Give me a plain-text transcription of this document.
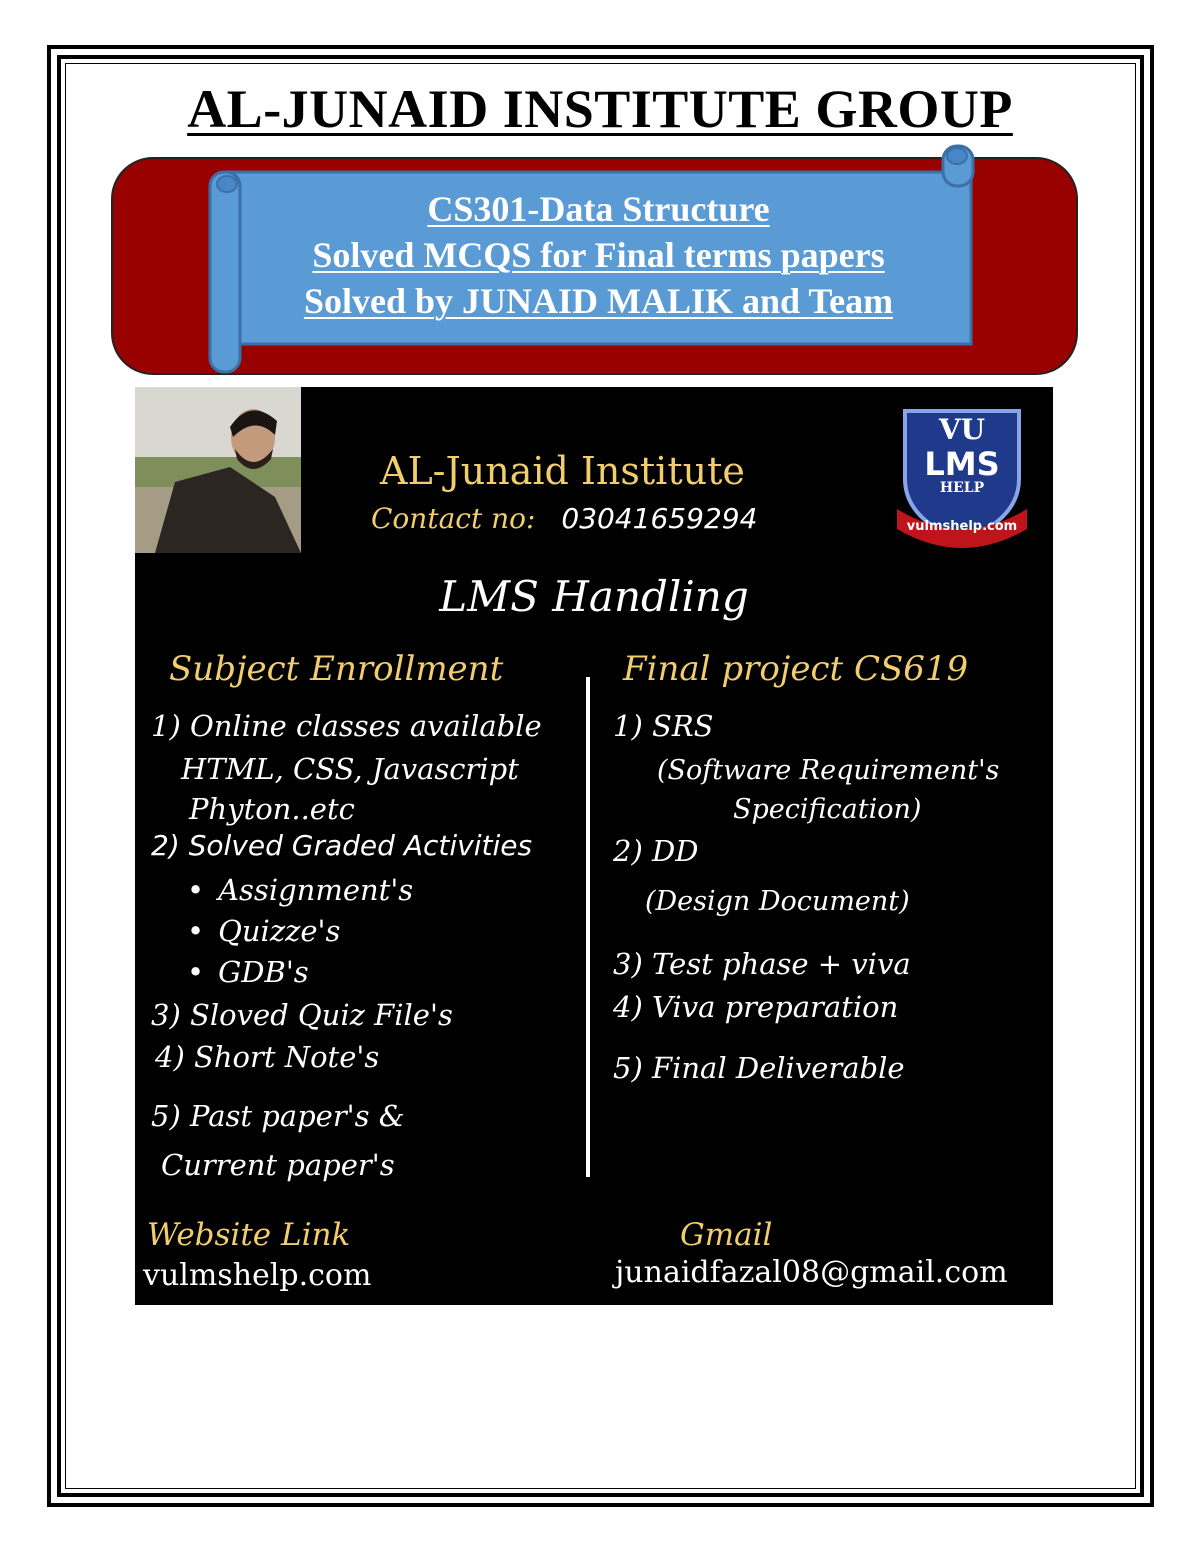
AL-JUNAID INSTITUTE GROUP
CS301-Data Structure
Solved MCQS for Final terms papers
Solved by JUNAID MALIK and Team
AL-Junaid Institute
Contact no: 03041659294
VU
LMS
HELP
vulmshelp.com
LMS Handling
Subject Enrollment	Final project CS619
1) Online classes available
HTML, CSS, Javascript
Phyton..etc
2) Solved Graded Activities
• Assignment's
• Quizze's
• GDB's
3) Sloved Quiz File's
4) Short Note's
5) Past paper's &
Current paper's
1) SRS
(Software Requirement's
Specification)
2) DD
(Design Document)
3) Test phase + viva
4) Viva preparation
5) Final Deliverable
Website Link
vulmshelp.com
Gmail
junaidfazal08@gmail.com
